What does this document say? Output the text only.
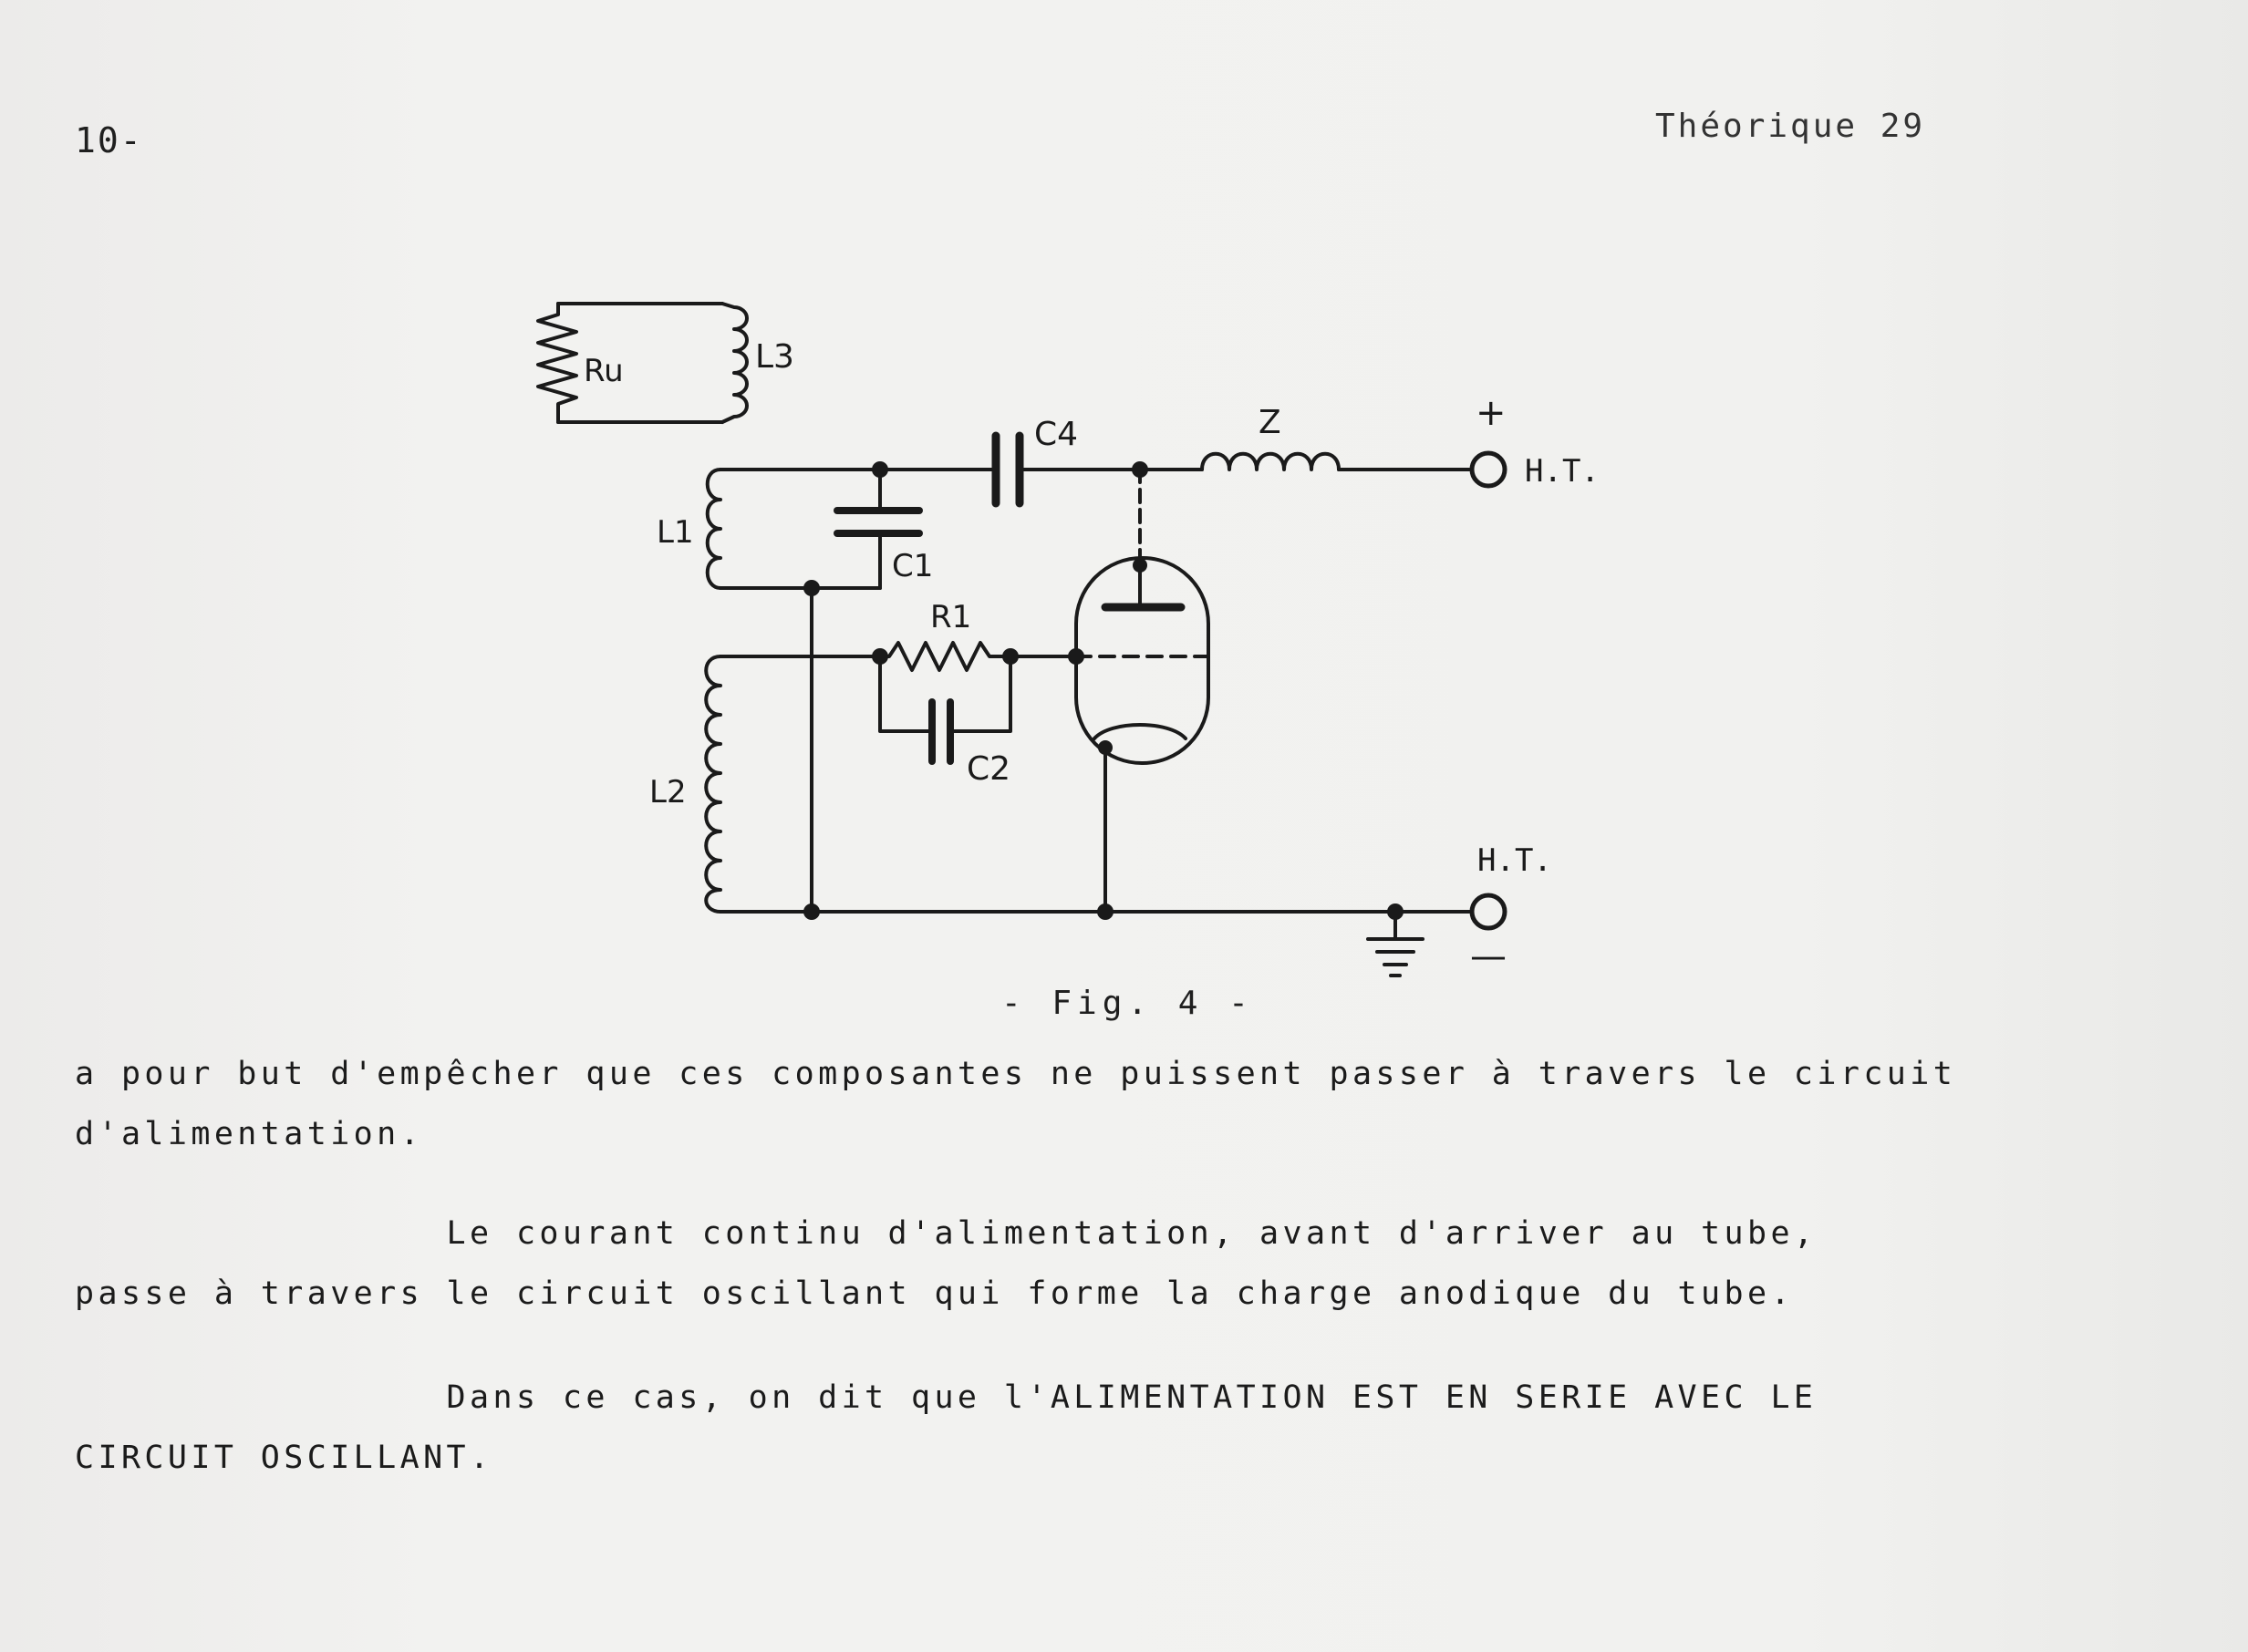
10-	Théorique 29
Ru	L3
C4	Z	+
H.T.
L1
C1
R1
L2
C2
H.T.
—
- Fig. 4 -
a pour but d'empêcher que ces composantes ne puissent passer à travers le circuit
d'alimentation.
Le courant continu d'alimentation, avant d'arriver au tube,
passe à travers le circuit oscillant qui forme la charge anodique du tube.
Dans ce cas, on dit que l'ALIMENTATION EST EN SERIE AVEC LE
CIRCUIT OSCILLANT.
